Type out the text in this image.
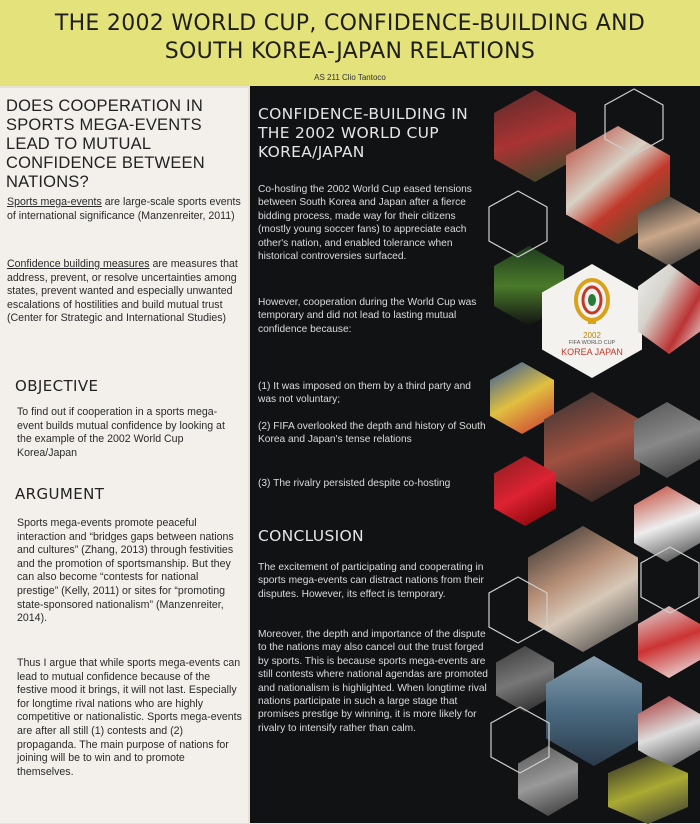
THE 2002 WORLD CUP, CONFIDENCE-BUILDING AND
SOUTH KOREA-JAPAN RELATIONS
AS 211 Clio Tantoco
DOES COOPERATION IN SPORTS MEGA-EVENTS LEAD TO MUTUAL CONFIDENCE BETWEEN NATIONS?
Sports mega-events are large-scale sports events of international significance (Manzenreiter, 2011)
Confidence building measures are measures that address, prevent, or resolve uncertainties among states, prevent wanted and especially unwanted escalations of hostilities and build mutual trust (Center for Strategic and International Studies)
OBJECTIVE
To find out if cooperation in a sports mega-event builds mutual confidence by looking at the example of the 2002 World Cup Korea/Japan
ARGUMENT
Sports mega-events promote peaceful interaction and “bridges gaps between nations and cultures” (Zhang, 2013) through festivities and the promotion of sportsmanship. But they can also become “contests for national prestige” (Kelly, 2011) or sites for “promoting state-sponsored nationalism” (Manzenreiter, 2014).
Thus I argue that while sports mega-events can lead to mutual confidence because of the festive mood it brings, it will not last. Especially for longtime rival nations who are highly competitive or nationalistic. Sports mega-events are after all still (1) contests and (2) propaganda. The main purpose of nations for joining will be to win and to promote themselves.
CONFIDENCE-BUILDING IN THE 2002 WORLD CUP KOREA/JAPAN
Co-hosting the 2002 World Cup eased tensions between South Korea and Japan after a fierce bidding process, made way for their citizens (mostly young soccer fans) to appreciate each other's nation, and enabled tolerance when historical controversies surfaced.
However, cooperation during the World Cup was temporary and did not lead to lasting mutual confidence because:
(1) It was imposed on them by a third party and was not voluntary;
(2) FIFA overlooked the depth and history of South Korea and Japan's tense relations
(3) The rivalry persisted despite co-hosting
CONCLUSION
The excitement of participating and cooperating in sports mega-events can distract nations from their disputes. However, its effect is temporary.
Moreover, the depth and importance of the dispute to the nations may also cancel out the trust forged by sports. This is because sports mega-events are still contests where national agendas are promoted and nationalism is highlighted. When longtime rival nations participate in such a large stage that promises prestige by winning, it is more likely for rivalry to intensify rather than calm.
2002
FIFA WORLD CUP
KOREA JAPAN
